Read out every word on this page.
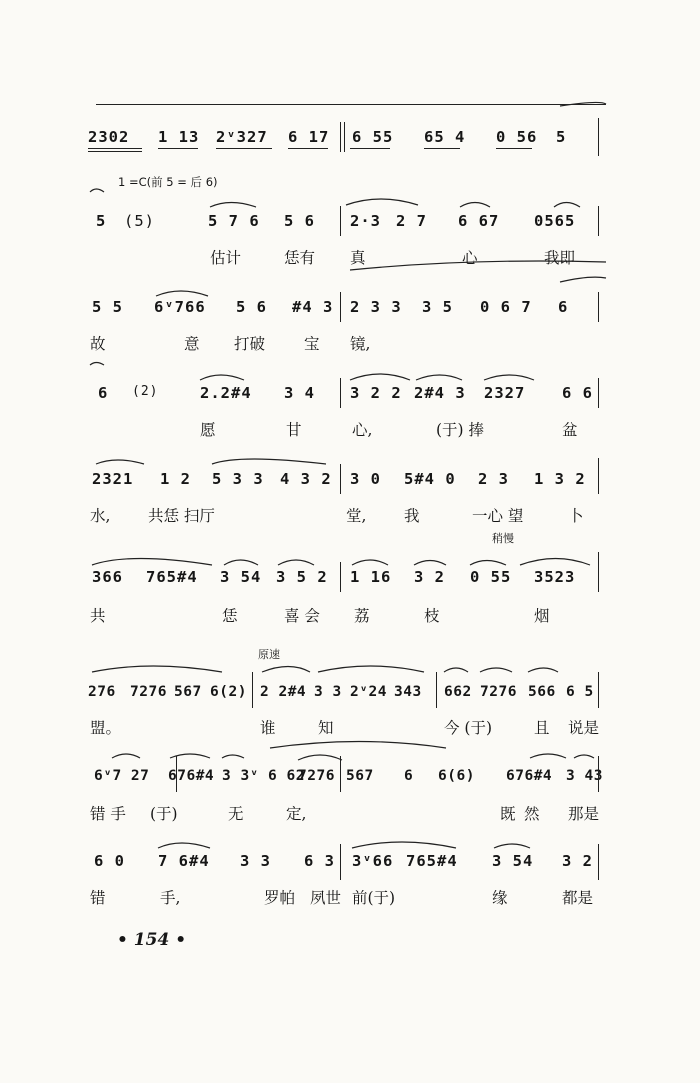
2302 1 13 2ᵛ327 6 17 6 55 65 4 0 56 5
1 =C(前 5 = 后 6)
5 (5)	5 7 6 5 6 2·3 2 7 6 67 0565
估计	恁有 真	心	我即
5 5 6ᵛ766 5 6 #4 3 2 3 3 3 5 0 6 7 6
故	意 打破	宝 镜,
6 (2)	2.2#4 3 4 3 2 2 2#4 3 2327 6 6
愿	甘	心,	(于) 捧	盆
2321 1 2 5 3 3 4 3 2 3 0 5#4 0 2 3 1 3 2
水, 共恁 扫厅	堂, 我	一心 望	卜
稍慢
366 765#4 3 54 3 5 2 1 16 3 2 0 55 3523
共	恁	喜 会 荔	枝	烟
原速
276 7276 567 6(2) 2 2#4 3 3 2ᵛ24 343 662 7276 566 6 5
盟。	谁	知	今 (于)	且 说是
6ᵛ7 27 676#4 3 3ᵛ 6 62
7276 567 6 6(6) 676#4 3 43
错 手 (于)	无	定,	既 然 那是
6 0 7 6#4 3 3 6 3 3ᵛ66 765#4 3 54 3 2
错	手,	罗帕 夙世 前(于)	缘	都是
• 154 •
